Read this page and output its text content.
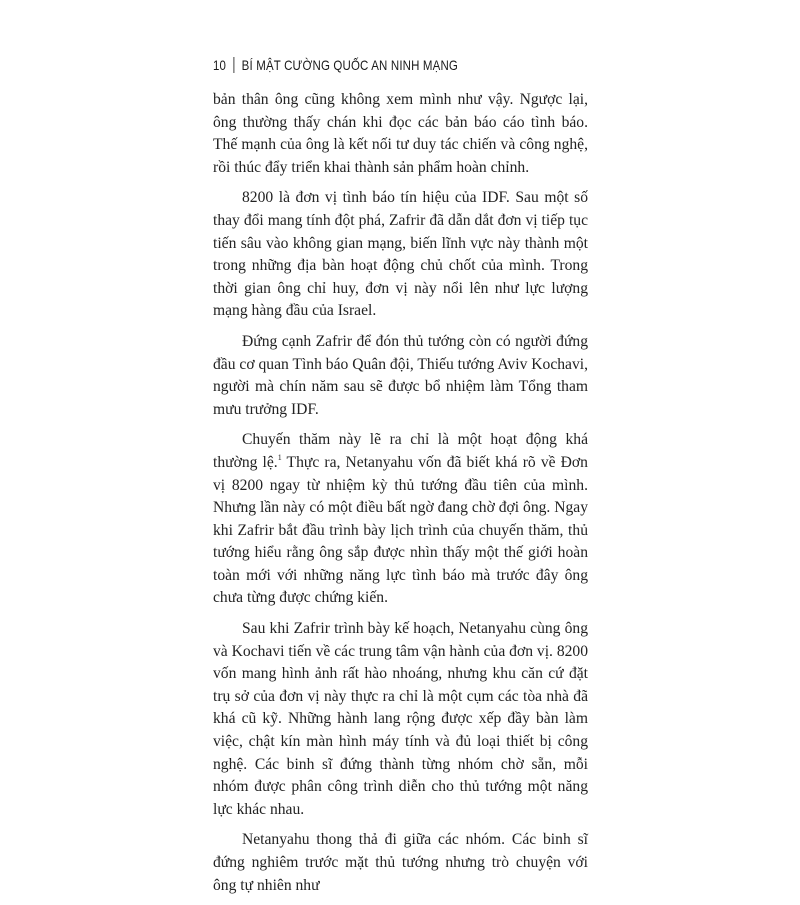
10 BÍ MẬT CƯỜNG QUỐC AN NINH MẠNG

bản thân ông cũng không xem mình như vậy. Ngược lại, ông thường thấy chán khi đọc các bản báo cáo tình báo. Thế mạnh của ông là kết nối tư duy tác chiến và công nghệ, rồi thúc đẩy triển khai thành sản phẩm hoàn chỉnh.

8200 là đơn vị tình báo tín hiệu của IDF. Sau một số thay đổi mang tính đột phá, Zafrir đã dẫn dắt đơn vị tiếp tục tiến sâu vào không gian mạng, biến lĩnh vực này thành một trong những địa bàn hoạt động chủ chốt của mình. Trong thời gian ông chỉ huy, đơn vị này nổi lên như lực lượng mạng hàng đầu của Israel.

Đứng cạnh Zafrir để đón thủ tướng còn có người đứng đầu cơ quan Tình báo Quân đội, Thiếu tướng Aviv Kochavi, người mà chín năm sau sẽ được bổ nhiệm làm Tổng tham mưu trưởng IDF.

Chuyến thăm này lẽ ra chỉ là một hoạt động khá thường lệ.$^1$ Thực ra, Netanyahu vốn đã biết khá rõ về Đơn vị 8200 ngay từ nhiệm kỳ thủ tướng đầu tiên của mình. Nhưng lần này có một điều bất ngờ đang chờ đợi ông. Ngay khi Zafrir bắt đầu trình bày lịch trình của chuyến thăm, thủ tướng hiểu rằng ông sắp được nhìn thấy một thế giới hoàn toàn mới với những năng lực tình báo mà trước đây ông chưa từng được chứng kiến.

Sau khi Zafrir trình bày kế hoạch, Netanyahu cùng ông và Kochavi tiến về các trung tâm vận hành của đơn vị. 8200 vốn mang hình ảnh rất hào nhoáng, nhưng khu căn cứ đặt trụ sở của đơn vị này thực ra chỉ là một cụm các tòa nhà đã khá cũ kỹ. Những hành lang rộng được xếp đầy bàn làm việc, chật kín màn hình máy tính và đủ loại thiết bị công nghệ. Các binh sĩ đứng thành từng nhóm chờ sẵn, mỗi nhóm được phân công trình diễn cho thủ tướng một năng lực khác nhau.

Netanyahu thong thả đi giữa các nhóm. Các binh sĩ đứng nghiêm trước mặt thủ tướng nhưng trò chuyện với ông tự nhiên như
